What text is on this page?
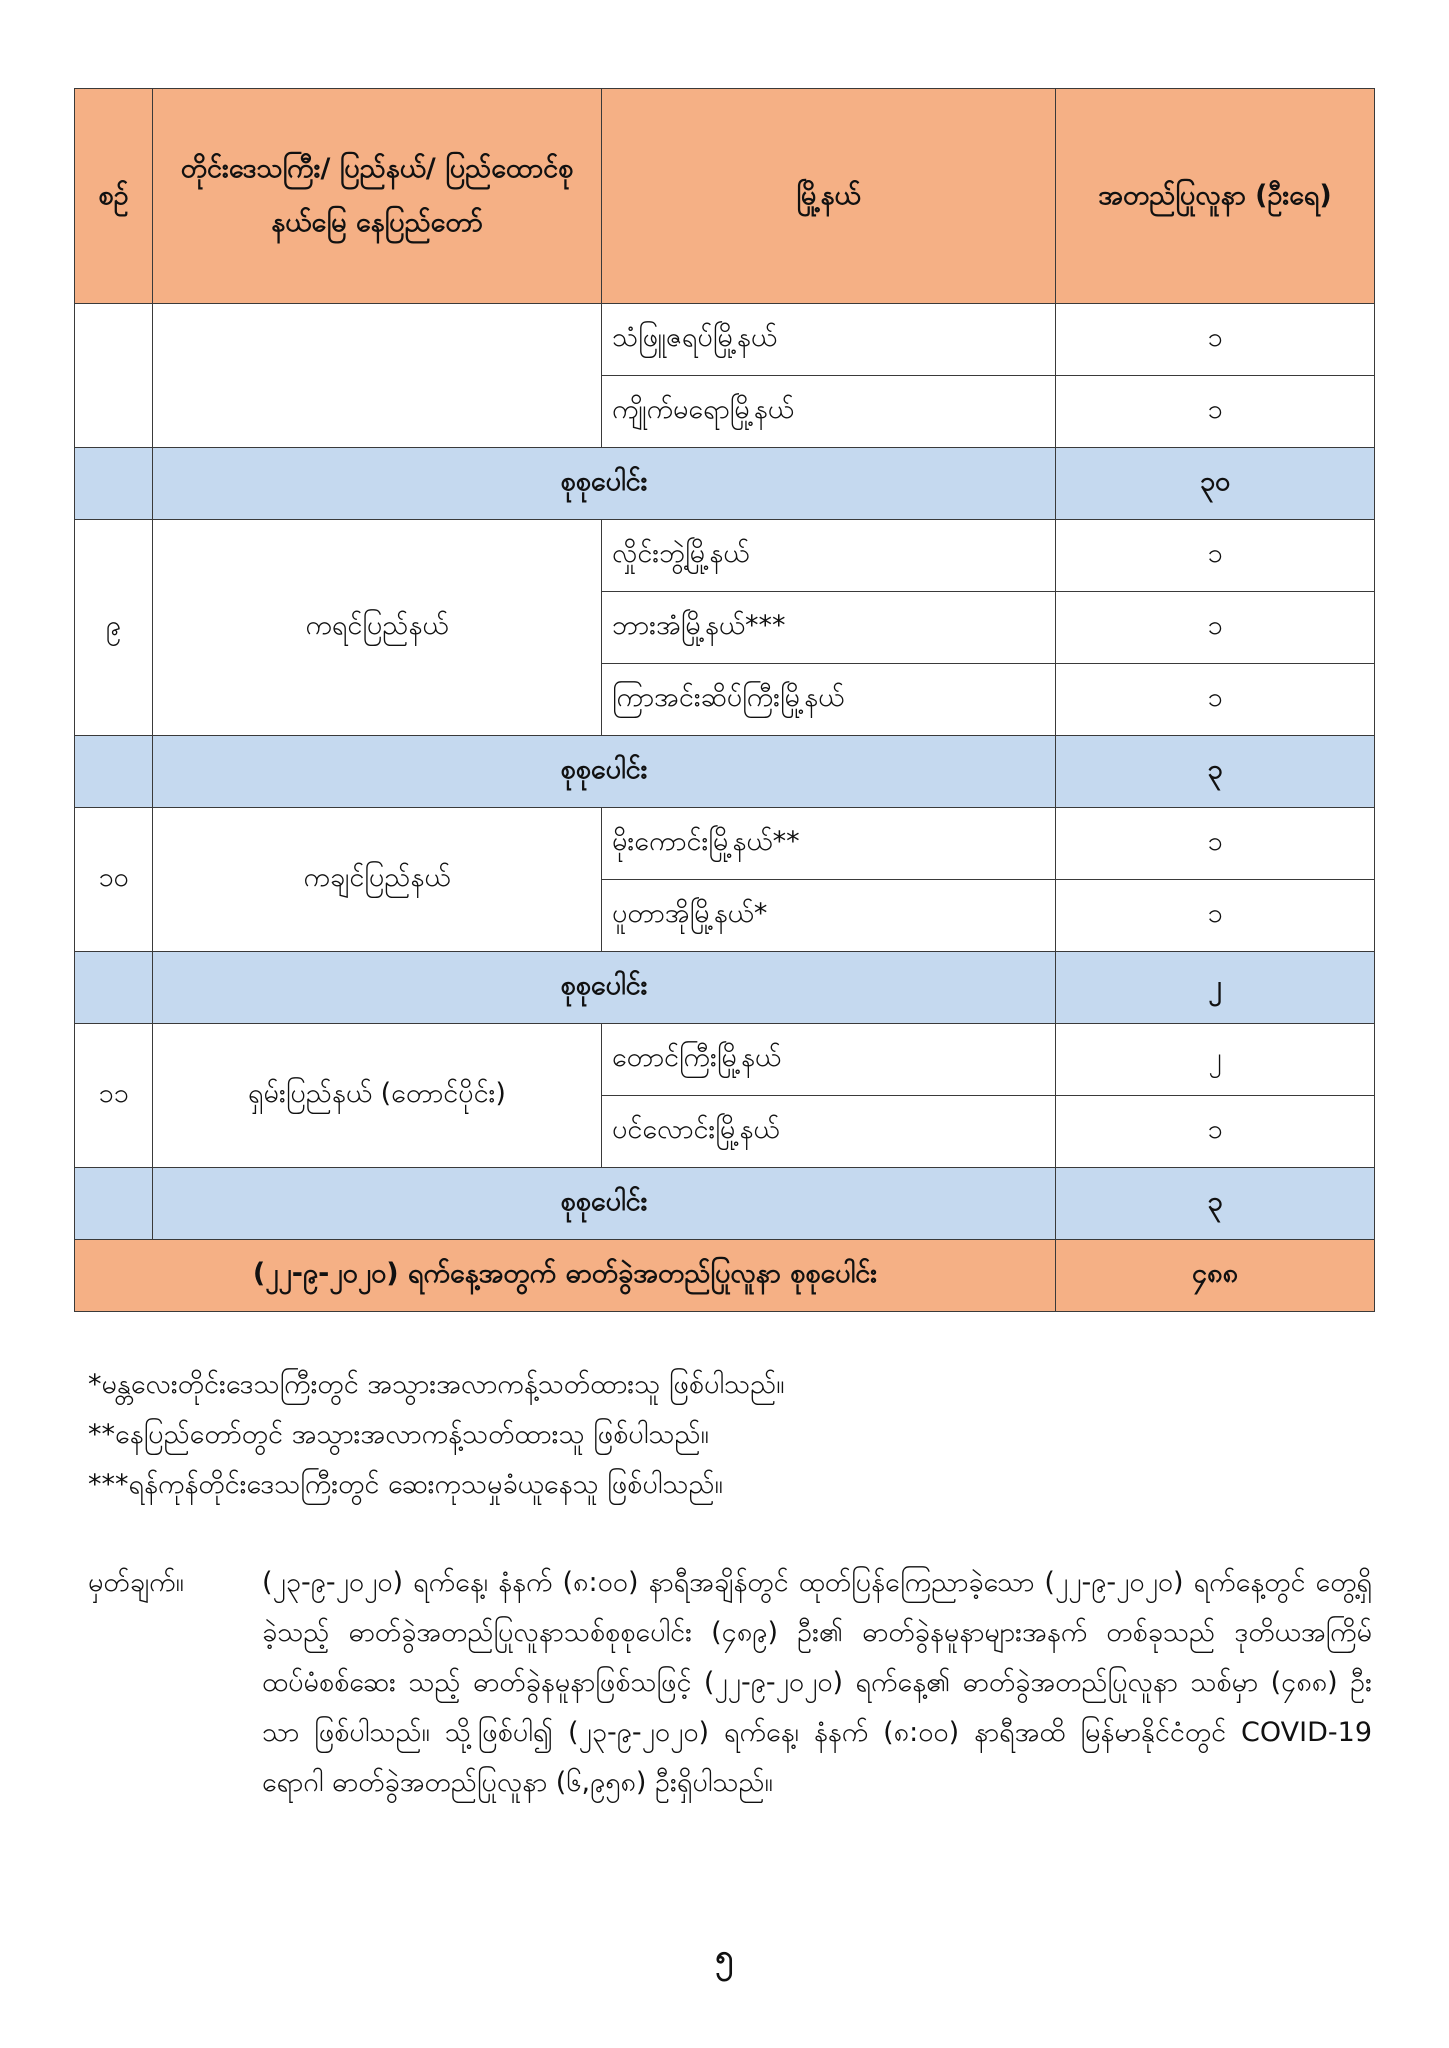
စဉ်	တိုင်းဒေသကြီး/ ပြည်နယ်/ ပြည်ထောင်စုနယ်မြေ နေပြည်တော်	မြို့နယ်	အတည်ပြုလူနာ (ဦးရေ)
		သံဖြူဇရပ်မြို့နယ်	၁
		ကျိုက်မရောမြို့နယ်	၁
	စုစုပေါင်း		၃၀
၉	ကရင်ပြည်နယ်	လှိုင်းဘွဲ့မြို့နယ်	၁
		ဘားအံမြို့နယ်***	၁
		ကြာအင်းဆိပ်ကြီးမြို့နယ်	၁
	စုစုပေါင်း		၃
၁၀	ကချင်ပြည်နယ်	မိုးကောင်းမြို့နယ်**	၁
		ပူတာအိုမြို့နယ်*	၁
	စုစုပေါင်း		၂
၁၁	ရှမ်းပြည်နယ် (တောင်ပိုင်း)	တောင်ကြီးမြို့နယ်	၂
		ပင်လောင်းမြို့နယ်	၁
	စုစုပေါင်း		၃
(၂၂-၉-၂၀၂၀) ရက်နေ့အတွက် ဓာတ်ခွဲအတည်ပြုလူနာ စုစုပေါင်း			၄၈၈
*မန္တလေးတိုင်းဒေသကြီးတွင် အသွားအလာကန့်သတ်ထားသူ ဖြစ်ပါသည်။
**နေပြည်တော်တွင် အသွားအလာကန့်သတ်ထားသူ ဖြစ်ပါသည်။
***ရန်ကုန်တိုင်းဒေသကြီးတွင် ဆေးကုသမှုခံယူနေသူ ဖြစ်ပါသည်။
မှတ်ချက်။	(၂၃-၉-၂၀၂၀) ရက်နေ့၊ နံနက် (၈:၀၀) နာရီအချိန်တွင် ထုတ်ပြန်ကြေညာခဲ့သော (၂၂-၉-၂၀၂၀) ရက်နေ့တွင် တွေ့ရှိခဲ့သည့် ဓာတ်ခွဲအတည်ပြုလူနာသစ်စုစုပေါင်း (၄၈၉) ဦး၏ ဓာတ်ခွဲနမူနာများအနက် တစ်ခုသည် ဒုတိယအကြိမ် ထပ်မံစစ်ဆေး သည့် ဓာတ်ခွဲနမူနာဖြစ်သဖြင့် (၂၂-၉-၂၀၂၀) ရက်နေ့၏ ဓာတ်ခွဲအတည်ပြုလူနာ သစ်မှာ (၄၈၈) ဦးသာ ဖြစ်ပါသည်။ သို့ဖြစ်ပါ၍ (၂၃-၉-၂၀၂၀) ရက်နေ့၊ နံနက် (၈:၀၀) နာရီအထိ မြန်မာနိုင်ငံတွင် COVID-19 ရောဂါ ဓာတ်ခွဲအတည်ပြုလူနာ (၆,၉၅၈) ဦးရှိပါသည်။
၅
